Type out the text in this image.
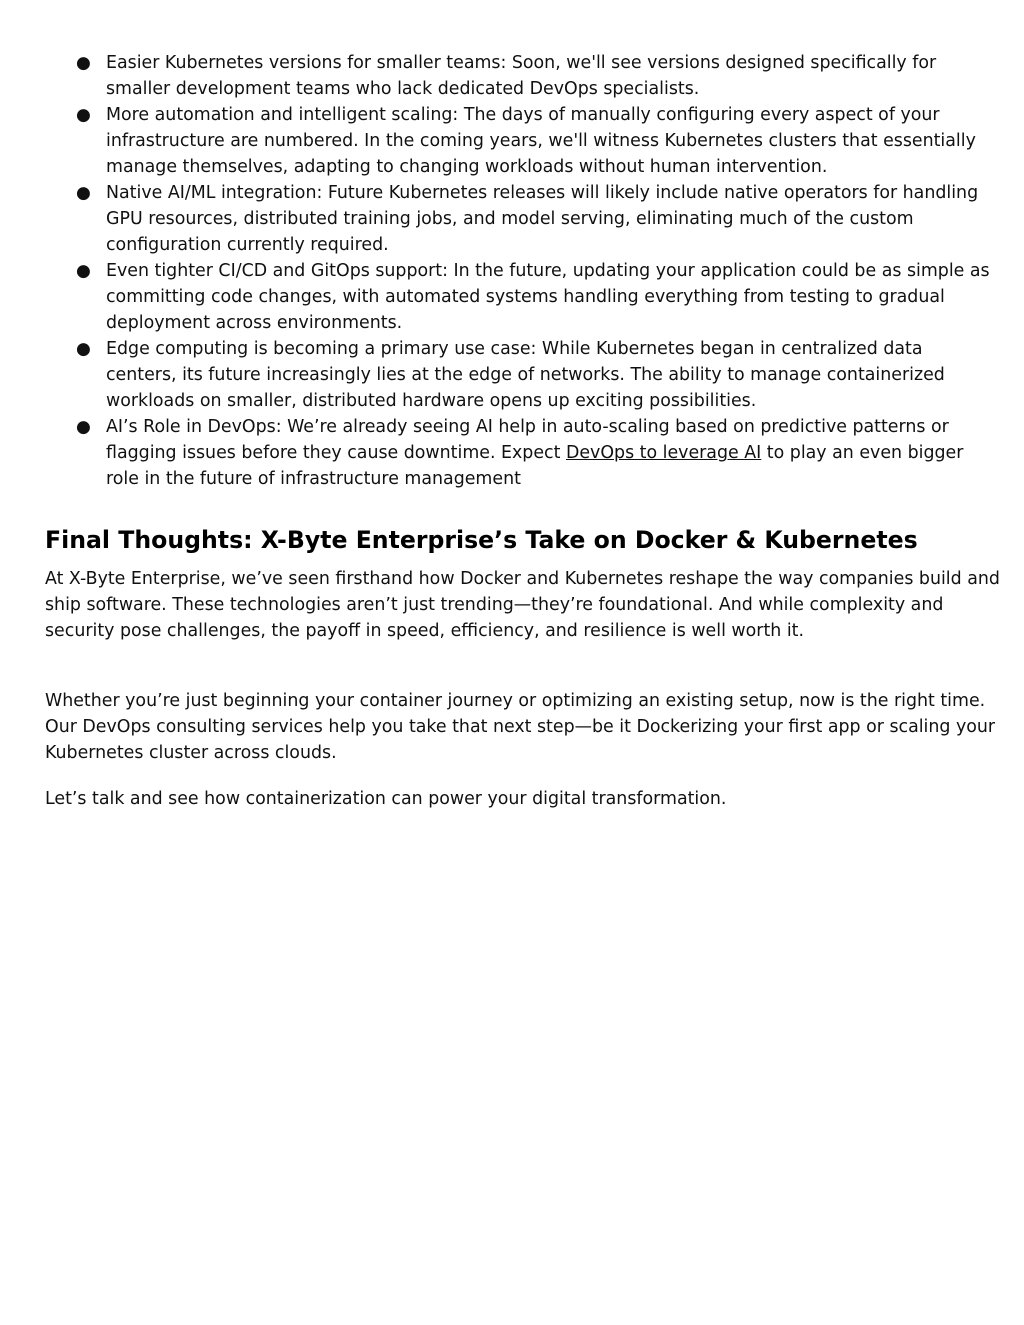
● Easier Kubernetes versions for smaller teams: Soon, we'll see versions designed specifically for smaller development teams who lack dedicated DevOps specialists.
● More automation and intelligent scaling: The days of manually configuring every aspect of your infrastructure are numbered. In the coming years, we'll witness Kubernetes clusters that essentially manage themselves, adapting to changing workloads without human intervention.
● Native AI/ML integration: Future Kubernetes releases will likely include native operators for handling GPU resources, distributed training jobs, and model serving, eliminating much of the custom configuration currently required.
● Even tighter CI/CD and GitOps support: In the future, updating your application could be as simple as committing code changes, with automated systems handling everything from testing to gradual deployment across environments.
● Edge computing is becoming a primary use case: While Kubernetes began in centralized data centers, its future increasingly lies at the edge of networks. The ability to manage containerized workloads on smaller, distributed hardware opens up exciting possibilities.
● AI’s Role in DevOps: We’re already seeing AI help in auto-scaling based on predictive patterns or flagging issues before they cause downtime. Expect DevOps to leverage AI to play an even bigger role in the future of infrastructure management
Final Thoughts: X-Byte Enterprise’s Take on Docker & Kubernetes

At X-Byte Enterprise, we’ve seen firsthand how Docker and Kubernetes reshape the way companies build and ship software. These technologies aren’t just trending—they’re foundational. And while complexity and security pose challenges, the payoff in speed, efficiency, and resilience is well worth it.

Whether you’re just beginning your container journey or optimizing an existing setup, now is the right time. Our DevOps consulting services help you take that next step—be it Dockerizing your first app or scaling your Kubernetes cluster across clouds.

Let’s talk and see how containerization can power your digital transformation.
